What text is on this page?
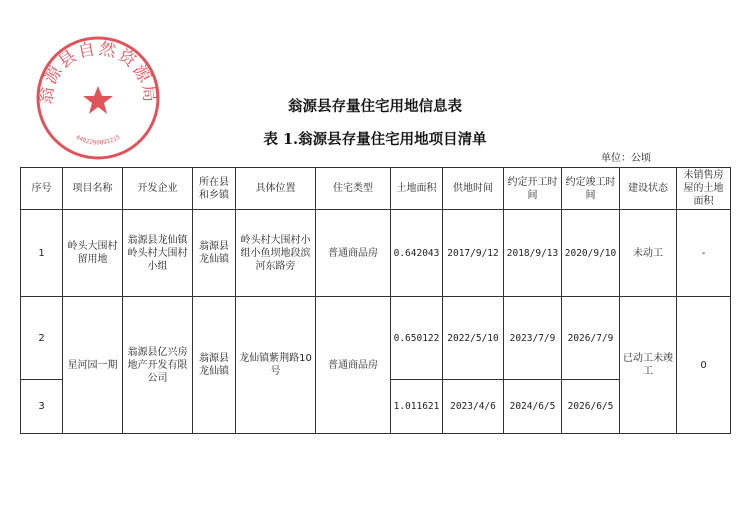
翁源县自然资源局
4402290091215
翁源县存量住宅用地信息表
表 1.翁源县存量住宅用地项目清单
单位：公顷
序号	项目名称	开发企业	所在县和乡镇	具体位置	住宅类型	土地面积	供地时间	约定开工时间	约定竣工时间	建设状态	未销售房屋的土地面积
1	岭头大围村留用地	翁源县龙仙镇岭头村大围村小组	翁源县龙仙镇	岭头村大围村小组小鱼坝地段滨河东路旁	普通商品房	0.642043	2017/9/12	2018/9/13	2020/9/10	未动工	-
2	星河园一期	翁源县亿兴房地产开发有限公司	翁源县龙仙镇	龙仙镇紫荆路10号	普通商品房	0.650122	2022/5/10	2023/7/9	2026/7/9	已动工未竣工	0
3						1.011621	2023/4/6	2024/6/5	2026/6/5		
